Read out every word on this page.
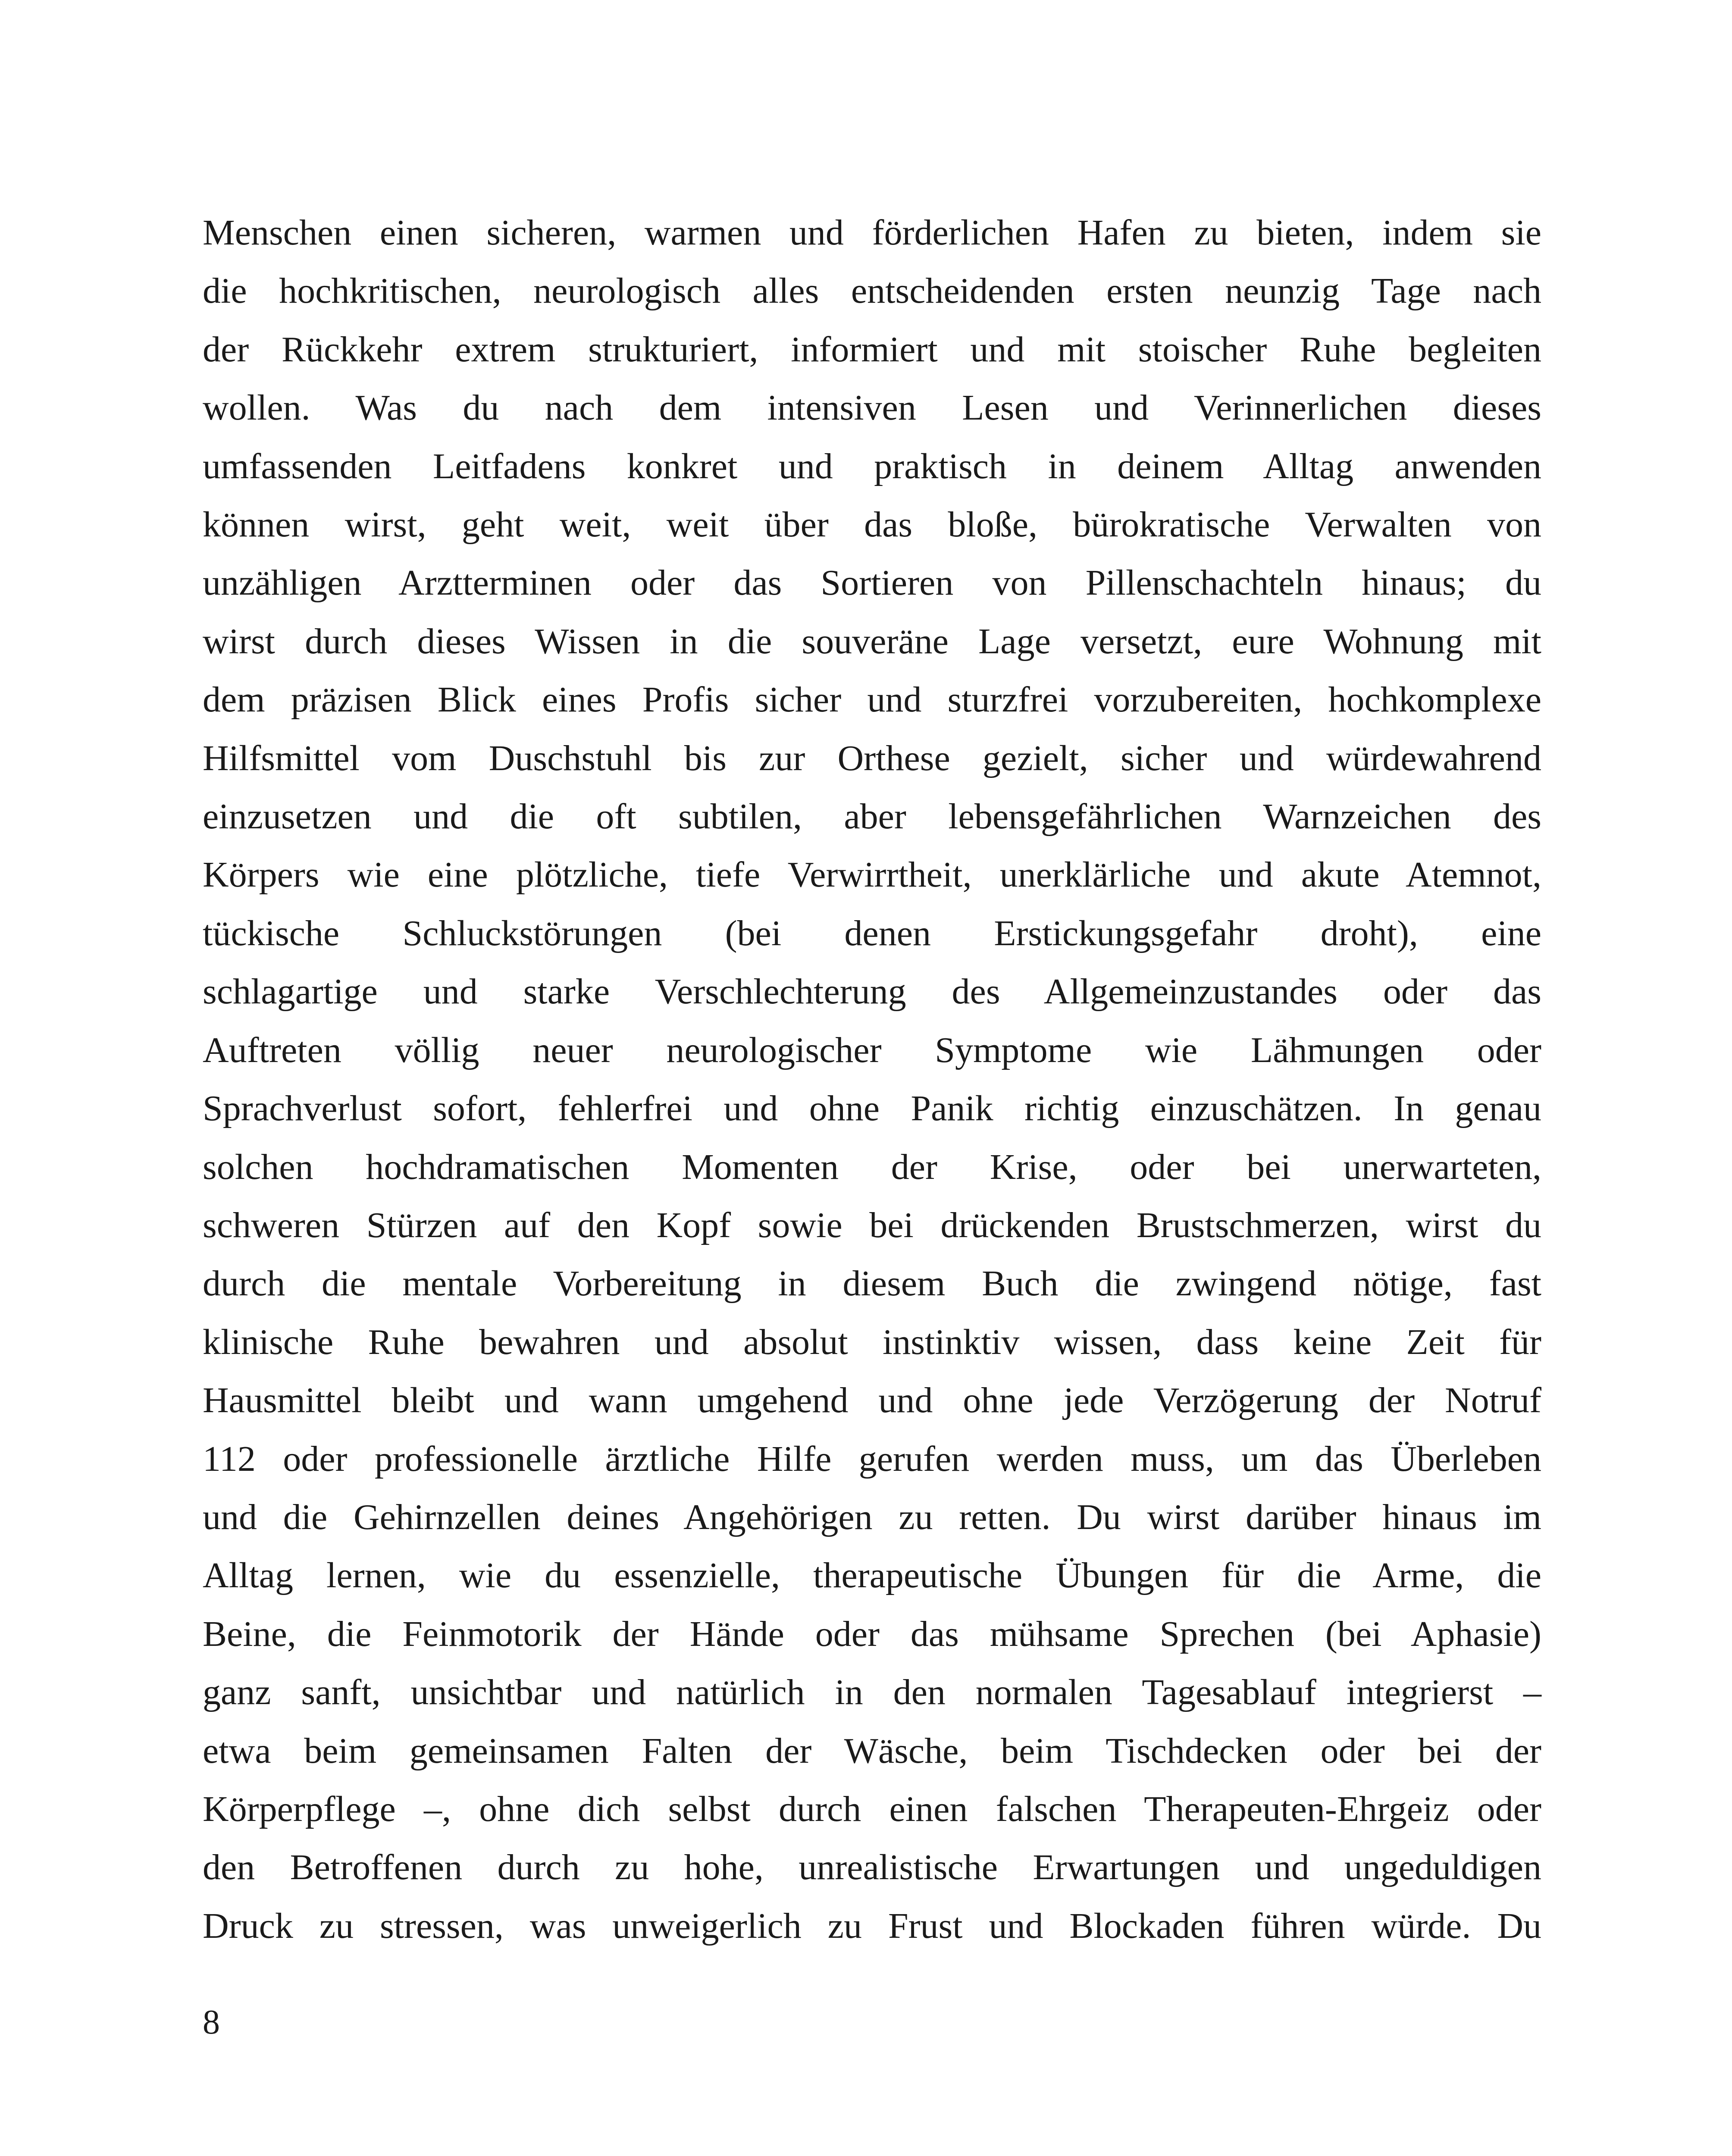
Menschen einen sicheren, warmen und förderlichen Hafen zu bieten, indem sie
die hochkritischen, neurologisch alles entscheidenden ersten neunzig Tage nach
der Rückkehr extrem strukturiert, informiert und mit stoischer Ruhe begleiten
wollen. Was du nach dem intensiven Lesen und Verinnerlichen dieses
umfassenden Leitfadens konkret und praktisch in deinem Alltag anwenden
können wirst, geht weit, weit über das bloße, bürokratische Verwalten von
unzähligen Arztterminen oder das Sortieren von Pillenschachteln hinaus; du
wirst durch dieses Wissen in die souveräne Lage versetzt, eure Wohnung mit
dem präzisen Blick eines Profis sicher und sturzfrei vorzubereiten, hochkomplexe
Hilfsmittel vom Duschstuhl bis zur Orthese gezielt, sicher und würdewahrend
einzusetzen und die oft subtilen, aber lebensgefährlichen Warnzeichen des
Körpers wie eine plötzliche, tiefe Verwirrtheit, unerklärliche und akute Atemnot,
tückische Schluckstörungen (bei denen Erstickungsgefahr droht), eine
schlagartige und starke Verschlechterung des Allgemeinzustandes oder das
Auftreten völlig neuer neurologischer Symptome wie Lähmungen oder
Sprachverlust sofort, fehlerfrei und ohne Panik richtig einzuschätzen. In genau
solchen hochdramatischen Momenten der Krise, oder bei unerwarteten,
schweren Stürzen auf den Kopf sowie bei drückenden Brustschmerzen, wirst du
durch die mentale Vorbereitung in diesem Buch die zwingend nötige, fast
klinische Ruhe bewahren und absolut instinktiv wissen, dass keine Zeit für
Hausmittel bleibt und wann umgehend und ohne jede Verzögerung der Notruf
112 oder professionelle ärztliche Hilfe gerufen werden muss, um das Überleben
und die Gehirnzellen deines Angehörigen zu retten. Du wirst darüber hinaus im
Alltag lernen, wie du essenzielle, therapeutische Übungen für die Arme, die
Beine, die Feinmotorik der Hände oder das mühsame Sprechen (bei Aphasie)
ganz sanft, unsichtbar und natürlich in den normalen Tagesablauf integrierst –
etwa beim gemeinsamen Falten der Wäsche, beim Tischdecken oder bei der
Körperpflege –, ohne dich selbst durch einen falschen Therapeuten-Ehrgeiz oder
den Betroffenen durch zu hohe, unrealistische Erwartungen und ungeduldigen
Druck zu stressen, was unweigerlich zu Frust und Blockaden führen würde. Du

8
